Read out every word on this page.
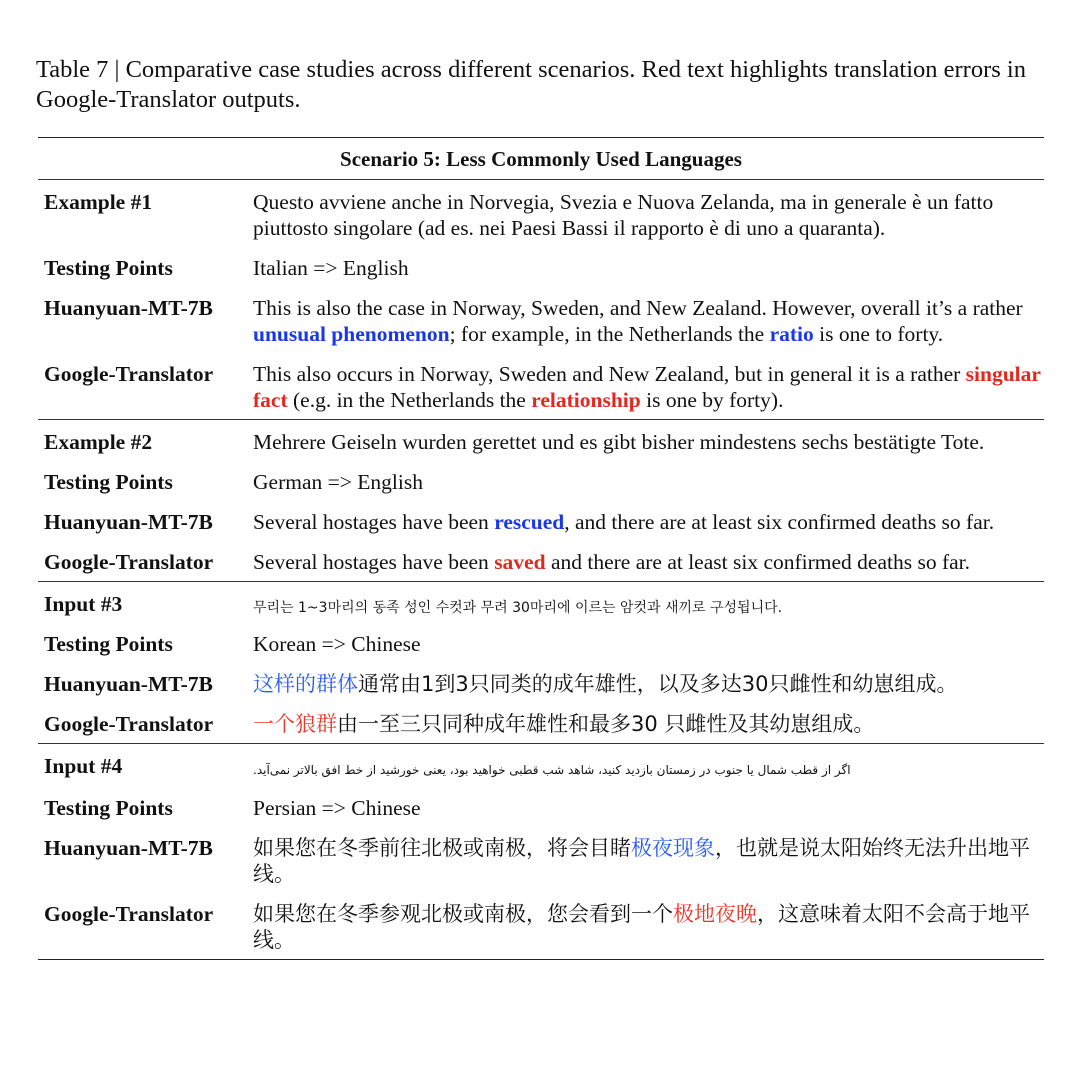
Table 7 | Comparative case studies across different scenarios. Red text highlights translation errors in Google-Translator outputs.
Scenario 5: Less Commonly Used Languages
Example #1	Questo avviene anche in Norvegia, Svezia e Nuova Zelanda, ma in generale è un fatto piuttosto singolare (ad es. nei Paesi Bassi il rapporto è di uno a quaranta).
Testing Points	Italian => English
Huanyuan-MT-7B	This is also the case in Norway, Sweden, and New Zealand. However, overall it’s a rather unusual phenomenon; for example, in the Netherlands the ratio is one to forty.
Google-Translator	This also occurs in Norway, Sweden and New Zealand, but in general it is a rather singular fact (e.g. in the Netherlands the relationship is one by forty).
Example #2	Mehrere Geiseln wurden gerettet und es gibt bisher mindestens sechs bestätigte Tote.
Testing Points	German => English
Huanyuan-MT-7B	Several hostages have been rescued, and there are at least six confirmed deaths so far.
Google-Translator	Several hostages have been saved and there are at least six confirmed deaths so far.
Input #3	무리는 1~3마리의 동족 성인 수컷과 무려 30마리에 이르는 암컷과 새끼로 구성됩니다.
Testing Points	Korean => Chinese
Huanyuan-MT-7B	这样的群体通常由1到3只同类的成年雄性，以及多达30只雌性和幼崽组成。
Google-Translator	一个狼群由一至三只同种成年雄性和最多30 只雌性及其幼崽组成。
Input #4	اگر از قطب شمال یا جنوب در زمستان بازدید کنید، شاهد شب قطبی خواهید بود، یعنی خورشید از خط افق بالاتر نمی‌آید.
Testing Points	Persian => Chinese
Huanyuan-MT-7B	如果您在冬季前往北极或南极，将会目睹极夜现象，也就是说太阳始终无法升出地平线。
Google-Translator	如果您在冬季参观北极或南极，您会看到一个极地夜晚，这意味着太阳不会高于地平线。
